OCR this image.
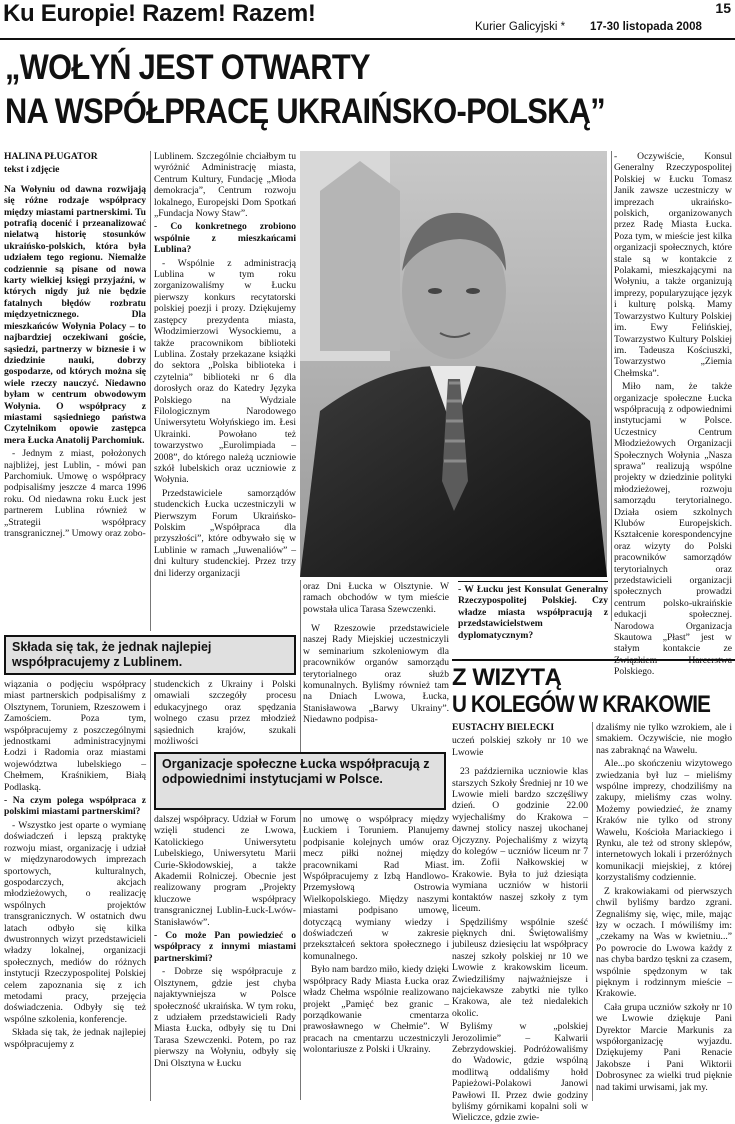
Ku Europie! Razem! Razem!	15
Kurier Galicyjski * 17-30 listopada 2008
„WOŁYŃ JEST OTWARTY
NA WSPÓŁPRACĘ UKRAIŃSKO-POLSKĄ”

HALINA PŁUGATOR

tekst i zdjęcie

Na Wołyniu od dawna rozwijają się różne rodzaje współpracy między miastami partnerskimi. Tu potrafią docenić i przeanalizować nielatwą historię stosunków ukraińsko-polskich, która była udziałem tego regionu. Niemalże codziennie są pisane od nowa karty wielkiej księgi przyjaźni, w których nigdy już nie będzie fatalnych błędów rozbratu międzyetnicznego. Dla mieszkańców Wołynia Polacy – to najbardziej oczekiwani goście, sąsiedzi, partnerzy w biznesie i w dziedzinie nauki, dobrzy gospodarze, od których można się wiele rzeczy nauczyć. Niedawno byłam w centrum obwodowym Wołynia. O współpracy z miastami sąsiedniego państwa Czytelnikom opowie zastępca mera Łucka Anatolij Parchomiuk.

- Jednym z miast, położonych najbliżej, jest Lublin, - mówi pan Parchomiuk. Umowę o współpracy podpisaliśmy jeszcze 4 marca 1996 roku. Od niedawna roku Łuck jest partnerem Lublina również w „Strategii współpracy transgranicznej.” Umowy oraz zobo-

Lublinem. Szczególnie chciałbym tu wyróżnić Administrację miasta, Centrum Kultury, Fundację „Młoda demokracja”, Centrum rozwoju lokalnego, Europejski Dom Spotkań „Fundacja Nowy Staw”.

- Co konkretnego zrobiono wspólnie z mieszkańcami Lublina?

- Wspólnie z administracją Lublina w tym roku zorganizowaliśmy w Łucku pierwszy konkurs recytatorski polskiej poezji i prozy. Dziękujemy zastępcy prezydenta miasta, Włodzimierzowi Wysockiemu, a także pracownikom biblioteki Lublina. Zostały przekazane książki do sektora „Polska biblioteka i czytelnia” biblioteki nr 6 dla dorosłych oraz do Katedry Języka Polskiego na Wydziale Filologicznym Narodowego Uniwersytetu Wołyńskiego im. Łesi Ukrainki. Powołano też towarzystwo „Eurolimpiada – 2008”, do którego należą uczniowie szkół lubelskich oraz uczniowie z Wołynia.

Przedstawiciele samorządów studenckich Łucka uczestniczyli w Pierwszym Forum Ukraińsko-Polskim „Współpraca dla przyszłości”, które odbywało się w Lublinie w ramach „Juwenaliów” – dni kultury studenckiej. Przez trzy dni liderzy organizacji

- Oczywiście, Konsul Generalny Rzeczypospolitej Polskiej w Łucku Tomasz Janik zawsze uczestniczy w imprezach ukraińsko-polskich, organizowanych przez Radę Miasta Łucka. Poza tym, w mieście jest kilka organizacji społecznych, które stale są w kontakcie z Polakami, mieszkającymi na Wołyniu, a także organizują imprezy, popularyzujące język i kulturę polską. Mamy Towarzystwo Kultury Polskiej im. Ewy Felińskiej, Towarzystwo Kultury Polskiej im. Tadeusza Kościuszki, Towarzystwo „Ziemia Chełmska”.

Miło nam, że także organizacje społeczne Łucka współpracują z odpowiednimi instytucjami w Polsce. Uczestnicy Centrum Młodzieżowych Organizacji Społecznych Wołynia „Nasza sprawa” realizują wspólne projekty w dziedzinie polityki młodzieżowej, rozwoju samorządu terytorialnego. Działa osiem szkolnych Klubów Europejskich. Kształcenie korespondencyjne oraz wizyty do Polski pracowników samorządów terytorialnych oraz przedstawicieli organizacji społecznych prowadzi centrum polsko-ukraińskie edukacji społecznej. Narodowa Organizacja Skautowa „Płast” jest w stałym kontakcie ze Polskiego.

Składa się tak, że jednak najlepiej współpracujemy z Lublinem.

oraz Dni Łucka w Olsztynie. W ramach obchodów w tym mieście powstała ulica Tarasa Szewczenki.

- W Łucku jest Konsulat Generalny Rzeczypospolitej Polskiej. Czy władze miasta współpracują z przedstawicielstwem dyplomatycznym?

wiązania o podjęciu współpracy miast partnerskich podpisaliśmy z Olsztynem, Toruniem, Rzeszowem i Zamościem. Poza tym, współpracujemy z poszczególnymi jednostkami administracyjnymi Łodzi i Radomia oraz miastami województwa lubelskiego – Chełmem, Kraśnikiem, Białą Podlaską.

- Na czym polega współpraca z polskimi miastami partnerskimi?

- Wszystko jest oparte o wymianę doświadczeń i lepszą praktykę rozwoju miast, organizację i udział w międzynarodowych imprezach sportowych, kulturalnych, gospodarczych, akcjach młodzieżowych, o realizację wspólnych projektów transgranicznych. W ostatnich dwu latach odbyło się kilka dwustronnych wizyt przedstawicieli władzy lokalnej, organizacji społecznych, mediów do różnych instytucji Rzeczypospolitej Polskiej celem zapoznania się z ich metodami pracy, przejęcia doświadczenia. Odbyły się też wspólne szkolenia, konferencje.

Składa się tak, że jednak najlepiej współpracujemy z

studenckich z Ukrainy i Polski omawiali szczegóły procesu edukacyjnego oraz spędzania wolnego czasu przez młodzież sąsiednich krajów, szukali możliwości

Organizacje społeczne Łucka współpracują z odpowiednimi instytucjami w Polsce.

dalszej współpracy. Udział w Forum wzięli studenci ze Lwowa, Katolickiego Uniwersytetu Lubelskiego, Uniwersytetu Marii Curie-Skłodowskiej, a także Akademii Rolniczej. Obecnie jest realizowany program „Projekty kluczowe współpracy transgranicznej Lublin-Łuck-Lwów-Stanisławów”.

- Co może Pan powiedzieć o współpracy z innymi miastami partnerskimi?

- Dobrze się współpracuje z Olsztynem, gdzie jest chyba najaktywniejsza w Polsce społeczność ukraińska. W tym roku, z udziałem przedstawicieli Rady Miasta Łucka, odbyły się tu Dni Tarasa Szewczenki. Potem, po raz pierwszy na Wołyniu, odbyły się Dni Olsztyna w Łucku

W Rzeszowie przedstawiciele naszej Rady Miejskiej uczestniczyli w seminarium szkoleniowym dla pracowników organów samorządu terytorialnego oraz służb komunalnych. Byliśmy również tam na Dniach Lwowa, Łucka, Stanisławowa „Barwy Ukrainy”. Niedawno podpisa-

no umowę o współpracy między Łuckiem i Toruniem. Planujemy podpisanie kolejnych umów oraz mecz piłki nożnej między pracownikami Rad Miast. Współpracujemy z Izbą Handlowo-Przemysłową Ostrowia Wielkopolskiego. Między naszymi miastami podpisano umowę, dotyczącą wymiany wiedzy i doświadczeń w zakresie przekształceń sektora społecznego i komunalnego.

Było nam bardzo miło, kiedy dzięki współpracy Rady Miasta Łucka oraz władz Chełma wspólnie realizowano projekt „Pamięć bez granic – porządkowanie cmentarza prawosławnego w Chełmie”. W pracach na cmentarzu uczestniczyli wolontariusze z Polski i Ukrainy.

Z WIZYTĄ
U KOLEGÓW W KRAKOWIE

EUSTACHY BIELECKI

uczeń polskiej szkoły nr 10 we Lwowie

23 października uczniowie klas starszych Szkoły Średniej nr 10 we Lwowie mieli bardzo szczęśliwy dzień. O godzinie 22.00 wyjechaliśmy do Krakowa – dawnej stolicy naszej ukochanej Ojczyzny. Pojechaliśmy z wizytą do kolegów – uczniów liceum nr 7 im. Zofii Nałkowskiej w Krakowie. Była to już dziesiąta wymiana uczniów w historii kontaktów naszej szkoły z tym liceum.

Spędziliśmy wspólnie sześć pięknych dni. Świętowaliśmy jubileusz dziesięciu lat współpracy naszej szkoły polskiej nr 10 we Lwowie z krakowskim liceum. Zwiedziliśmy najważniejsze i najciekawsze zabytki nie tylko Krakowa, ale też niedalekich okolic.

Byliśmy w „polskiej Jerozolimie” – Kalwarii Zebrzydowskiej. Podróżowaliśmy do Wadowic, gdzie wspólną modlitwą oddaliśmy hołd Papieżowi-Polakowi Janowi Pawłowi II. Przez dwie godziny byliśmy górnikami kopalni soli w Wieliczce, gdzie zwie-

dzaliśmy nie tylko wzrokiem, ale i smakiem. Oczywiście, nie mogło nas zabraknąć na Wawelu.

Ale...po skończeniu wizytowego zwiedzania był luz – mieliśmy wspólne imprezy, chodziliśmy na zakupy, mieliśmy czas wolny. Możemy powiedzieć, że znamy Kraków nie tylko od strony Wawelu, Kościoła Mariackiego i Rynku, ale też od strony sklepów, internetowych lokali i przeróżnych komunikacji miejskiej, z której korzystaliśmy codziennie.

Z krakowiakami od pierwszych chwil byliśmy bardzo zgrani. Zegnaliśmy się, więc, mile, mając łzy w oczach. I mówiliśmy im: „czekamy na Was w kwietniu...” Po powrocie do Lwowa każdy z nas chyba bardzo tęskni za czasem, wspólnie spędzonym w tak pięknym i rodzinnym mieście – Krakowie.

Cała grupa uczniów szkoły nr 10 we Lwowie dziękuje Pani Dyrektor Marcie Markunis za współorganizację wyjazdu. Dziękujemy Pani Renacie Jakobsze i Pani Wiktorii Dobrosynec za wielki trud pięknie nad takimi urwisami, jak my.
